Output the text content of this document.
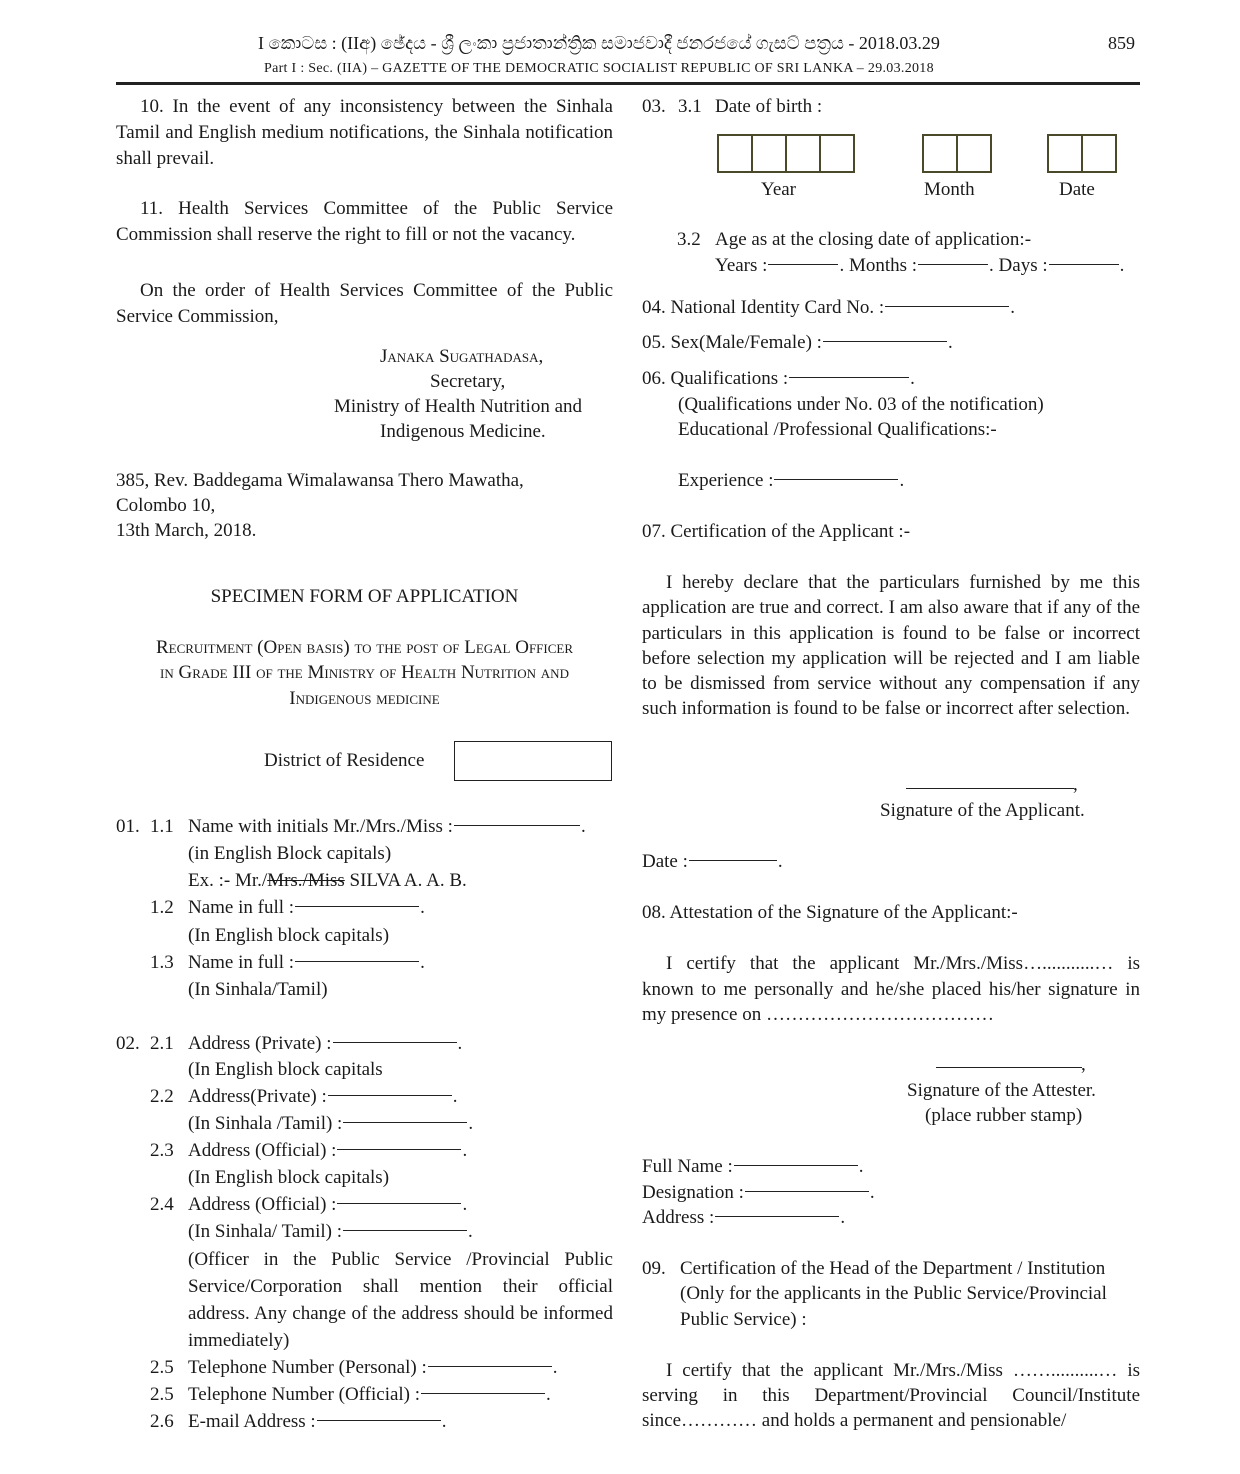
I කොටස : (IIඅ) ඡේදය - ශ්‍රී ලංකා ප්‍රජාතාන්ත්‍රික සමාජවාදී ජනරජයේ ගැසට් පත්‍රය - 2018.03.29	859
Part I : Sec. (IIA) – GAZETTE OF THE DEMOCRATIC SOCIALIST REPUBLIC OF SRI LANKA – 29.03.2018
10. In the event of any inconsistency between the Sinhala Tamil and English medium notifications, the Sinhala notification shall prevail.
11. Health Services Committee of the Public Service Commission shall reserve the right to fill or not the vacancy.
On the order of Health Services Committee of the Public Service Commission,
Janaka Sugathadasa,
Secretary,
Ministry of Health Nutrition and
Indigenous Medicine.
385, Rev. Baddegama Wimalawansa Thero Mawatha,
Colombo 10,
13th March, 2018.
SPECIMEN FORM OF APPLICATION
Recruitment (Open basis) to the post of Legal Officer
in Grade III of the Ministry of Health Nutrition and
Indigenous medicine
District of Residence
01. 1.1 Name with initials Mr./Mrs./Miss :	.
(in English Block capitals)
Ex. :- Mr./Mrs./Miss SILVA A. A. B.
1.2 Name in full :	.
(In English block capitals)
1.3 Name in full :	.
(In Sinhala/Tamil)
02. 2.1 Address (Private) :	.
(In English block capitals
2.2 Address(Private) :	.
(In Sinhala /Tamil) :	.
2.3 Address (Official) :	.
(In English block capitals)
2.4 Address (Official) :	.
(In Sinhala/ Tamil) :	.
(Officer in the Public Service /Provincial Public Service/Corporation shall mention their official address. Any change of the address should be informed immediately)
2.5 Telephone Number (Personal) :	.
2.5 Telephone Number (Official) :	.
2.6 E-mail Address :	.
03. 3.1 Date of birth :
Year	Month	Date
3.2 Age as at the closing date of application:-
Years :	. Months :	. Days :	.
04. National Identity Card No. :	.
05. Sex(Male/Female) :	.
06. Qualifications :	.
(Qualifications under No. 03 of the notification)
Educational /Professional Qualifications:-
Experience :	.
07. Certification of the Applicant :-
I hereby declare that the particulars furnished by me this application are true and correct. I am also aware that if any of the particulars in this application is found to be false or incorrect before selection my application will be rejected and I am liable to be dismissed from service without any compensation if any such information is found to be false or incorrect after selection.
,
Signature of the Applicant.
Date :	.
08. Attestation of the Signature of the Applicant:-
I certify that the applicant Mr./Mrs./Miss…...........… is known to me personally and he/she placed his/her signature in my presence on ………………………………
,
Signature of the Attester.
(place rubber stamp)
Full Name :	.
Designation :	.
Address :	.
09. Certification of the Head of the Department / Institution
(Only for the applicants in the Public Service/Provincial
Public Service) :
I certify that the applicant Mr./Mrs./Miss ……..........… is serving in this Department/Provincial Council/Institute since………… and holds a permanent and pensionable/
